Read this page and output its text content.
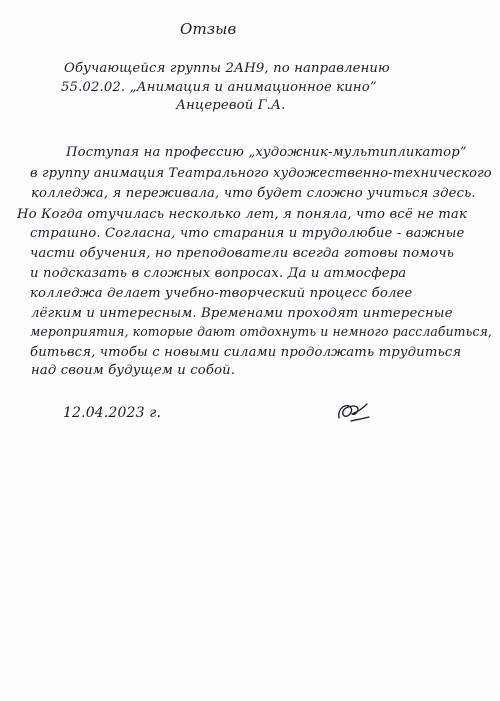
Отзыв
Обучающейся группы 2АН9, по направлению
55.02.02. „Анимация и анимационное кино”
Анцеревой Г.А.
Поступая на профессию „художник-мультипликатор”
в группу анимация Театрального художественно-технического
колледжа, я переживала, что будет сложно учиться здесь.
Но Когда отучилась несколько лет, я поняла, что всё не так
страшно. Согласна, что старания и трудолюбие - важные
части обучения, но преподователи всегда готовы помочь
и подсказать в сложных вопросах. Да и атмосфера
колледжа делает учебно-творческий процесс более
лёгким и интересным. Временами проходят интересные
мероприятия, которые дают отдохнуть и немного расслабиться,
битьвся, чтобы с новыми силами продолжать трудиться
над своим будущем и собой.
12.04.2023 г.
